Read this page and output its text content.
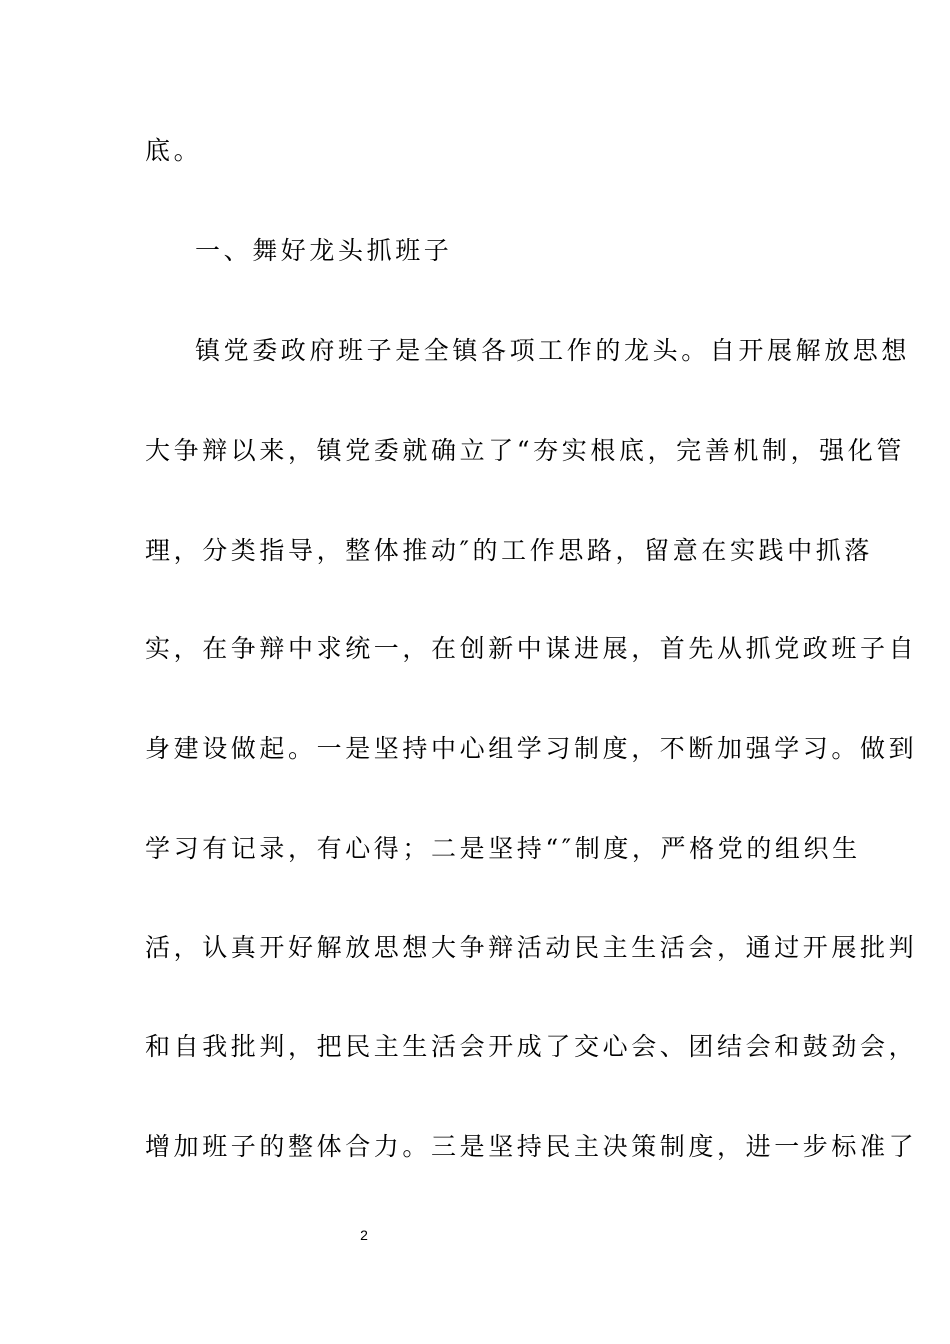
底。
一、舞好龙头抓班子
镇党委政府班子是全镇各项工作的龙头。自开展解放思想
大争辩以来，镇党委就确立了“夯实根底，完善机制，强化管
理，分类指导，整体推动″的工作思路，留意在实践中抓落
实，在争辩中求统一，在创新中谋进展，首先从抓党政班子自
身建设做起。一是坚持中心组学习制度，不断加强学习。做到
学习有记录，有心得；二是坚持“″制度，严格党的组织生
活，认真开好解放思想大争辩活动民主生活会，通过开展批判
和自我批判，把民主生活会开成了交心会、团结会和鼓劲会，
增加班子的整体合力。三是坚持民主决策制度，进一步标准了
2
